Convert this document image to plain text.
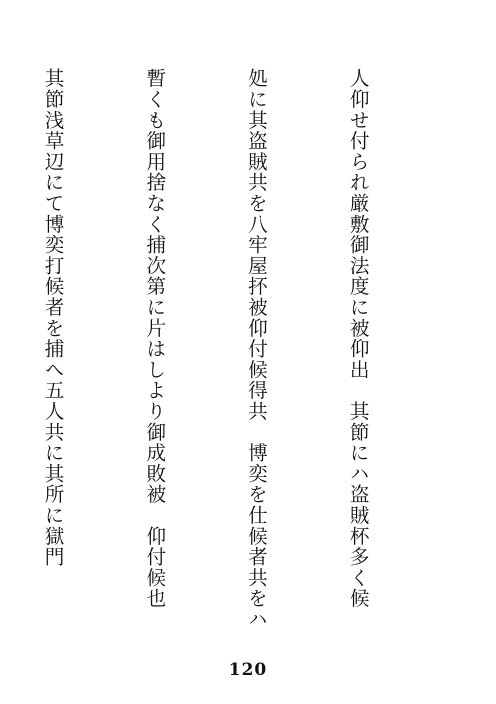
人仰せ付られ厳敷御法度に被仰出　其節にハ盗賊杯多く候

処に其盗賊共を八牢屋抔被仰付候得共　博奕を仕候者共をハ

暫くも御用捨なく捕次第に片はしより御成敗被　仰付候也

其節浅草辺にて博奕打候者を捕へ五人共に其所に獄門

120
